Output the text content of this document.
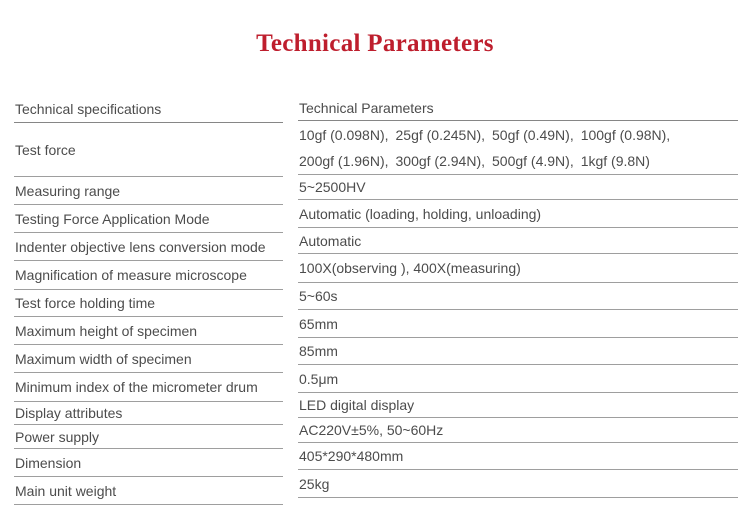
Technical Parameters
Technical specifications
Test force
Measuring range
Testing Force Application Mode
Indenter objective lens conversion mode
Magnification of measure microscope
Test force holding time
Maximum height of specimen
Maximum width of specimen
Minimum index of the micrometer drum
Display attributes
Power supply
Dimension
Main unit weight
Technical Parameters
10gf (0.098N), 25gf (0.245N), 50gf (0.49N), 100gf (0.98N), 
200gf (1.96N), 300gf (2.94N), 500gf (4.9N), 1kgf (9.8N)
5~2500HV
Automatic (loading, holding, unloading)
Automatic
100X(observing ), 400X(measuring)
5~60s
65mm
85mm
0.5μm
LED digital display
AC220V±5%, 50~60Hz
405*290*480mm
25kg
